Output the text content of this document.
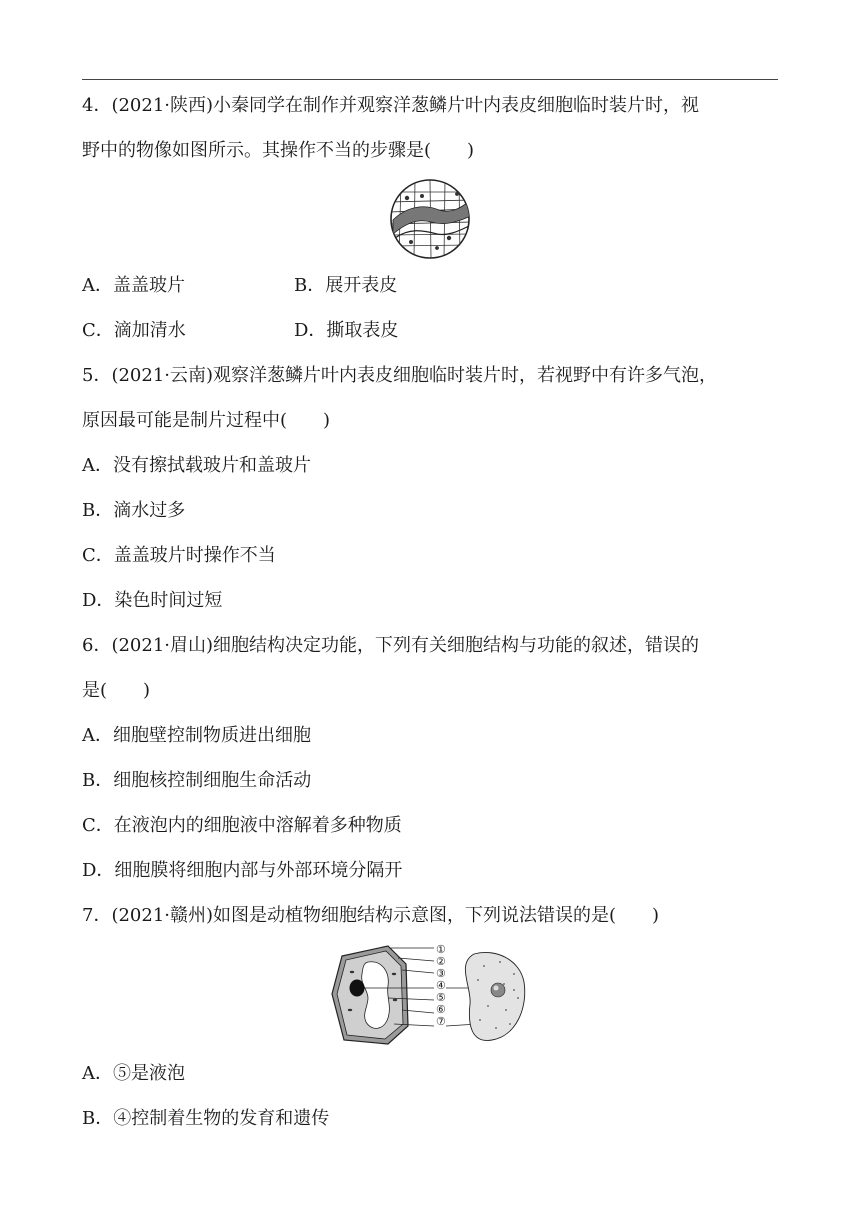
4．(2021·陕西)小秦同学在制作并观察洋葱鳞片叶内表皮细胞临时装片时，视
野中的物像如图所示。其操作不当的步骤是(　　)
A．盖盖玻片	B．展开表皮
C．滴加清水	D．撕取表皮
5．(2021·云南)观察洋葱鳞片叶内表皮细胞临时装片时，若视野中有许多气泡，
原因最可能是制片过程中(　　)
A．没有擦拭载玻片和盖玻片
B．滴水过多
C．盖盖玻片时操作不当
D．染色时间过短
6．(2021·眉山)细胞结构决定功能，下列有关细胞结构与功能的叙述，错误的
是(　　)
A．细胞壁控制物质进出细胞
B．细胞核控制细胞生命活动
C．在液泡内的细胞液中溶解着多种物质
D．细胞膜将细胞内部与外部环境分隔开
7．(2021·赣州)如图是动植物细胞结构示意图，下列说法错误的是(　　)
①
②
③
④
⑤
⑥
⑦
A．⑤是液泡
B．④控制着生物的发育和遗传
